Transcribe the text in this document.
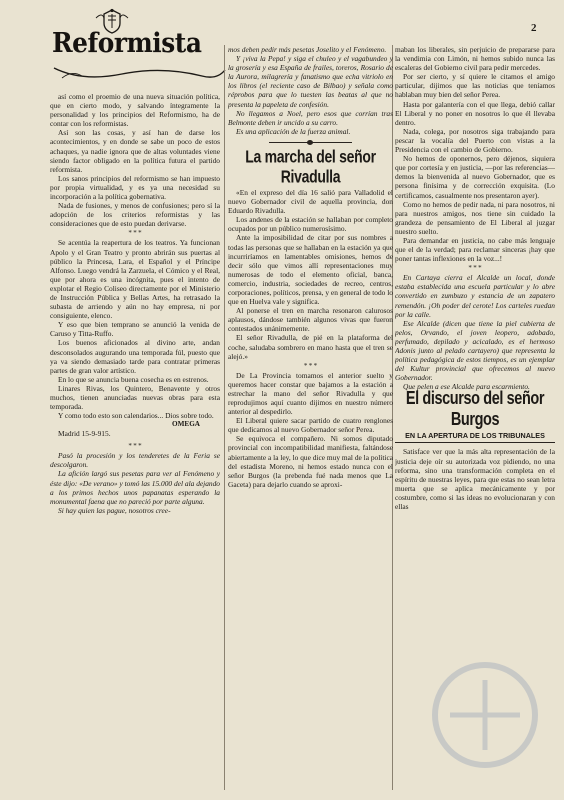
Reformista	2

así como el proemio de una nueva situación política, que en cierto modo, y salvando íntegramente la personalidad y los principios del Reformismo, ha de contar con los reformistas.

Así son las cosas, y así han de darse los acontecimientos, y en donde se sabe un poco de estos achaques, ya nadie ignora que de altas voluntades viene siendo factor obligado en la política futura el partido reformista.

Los sanos principios del reformismo se han impuesto por propia virtualidad, y es ya una necesidad su incorporación a la política gobernativa.

Nada de fusiones, y menos de confusiones; pero sí la adopción de los criterios reformistas y las consideraciones que de esto puedan derivarse.

* * *

Se acentúa la reapertura de los teatros. Ya funcionan Apolo y el Gran Teatro y pronto abrirán sus puertas al público la Princesa, Lara, el Español y el Príncipe Alfonso. Luego vendrá la Zarzuela, el Cómico y el Real, que por ahora es una incógnita, pues el intento de explotar el Regio Coliseo directamente por el Ministerio de Instrucción Pública y Bellas Artes, ha retrasado la subasta de arriendo y aún no hay empresa, ni por consiguiente, elenco.

Y eso que bien temprano se anunció la venida de Caruso y Titta-Ruffo.

Los buenos aficionados al divino arte, andan desconsolados augurando una temporada fúl, puesto que ya va siendo demasiado tarde para contratar primeras partes de gran valor artístico.

En lo que se anuncia buena cosecha es en estrenos.

Linares Rivas, los Quintero, Benavente y otros muchos, tienen anunciadas nuevas obras para esta temporada.

Y como todo esto son calendarios... Dios sobre todo.

OMEGA
Madrid 15-9-915.
* * *

Pasó la procesión y los tenderetes de la Feria se descolgaron.

La afición largó sus pesetas para ver al Fenómeno y éste dijo: «De verano» y tomó las 15.000 del ala dejando a los primos hechos unos papanatas esperando la monumental faena que no pareció por parte alguna.

Si hay quien las pague, nosotros cree-

mos deben pedir más pesetas Joselito y el Fenómeno.

Y ¡viva la Pepa! y siga el chuleo y el vagabundeo y la grosería y esa España de frailes, toreros, Rosario de la Aurora, milagrería y fanatismo que echa vitriolo en los libros (el reciente caso de Bilbao) y señala como réprobos para que lo tuesten las beatas al que no presenta la papeleta de confesión.

No llegamos a Noel, pero esos que corrían tras Belmonte deben ir uncido a su carro.

Es una aplicación de la fuerza animal.

La marcha del señor Rivadulla

«En el expreso del día 16 salió para Valladolid el nuevo Gobernador civil de aquella provincia, don Eduardo Rivadulla.

Los andenes de la estación se hallaban por completo ocupados por un público numerosísimo.

Ante la imposibilidad de citar por sus nombres a todas las personas que se hallaban en la estación ya que incurriríamos en lamentables omisiones, hemos de decir sólo que vimos allí representaciones muy numerosas de todo el elemento oficial, banca, comercio, industria, sociedades de recreo, centros, corporaciones, políticos, prensa, y en general de todo lo que en Huelva vale y significa.

Al ponerse el tren en marcha resonaron calurosos aplausos, dándose también algunos vivas que fueron contestados unánimemente.

El señor Rivadulla, de pié en la plataforma del coche, saludaba sombrero en mano hasta que el tren se alejó.»

* * *

De La Provincia tomamos el anterior suelto y queremos hacer constar que bajamos a la estación a estrechar la mano del señor Rivadulla y que reprodujimos aquí cuanto dijimos en nuestro número anterior al despedirlo.

El Liberal quiere sacar partido de cuatro renglones que dedicamos al nuevo Gobernador señor Perea.

Se equivoca el compañero. Ni somos diputado provincial con incompatibilidad manifiesta, faltándose abiertamente a la ley, lo que dice muy mal de la política del estadista Moreno, ni hemos estado nunca con el señor Burgos (la prebenda fué nada menos que La Gaceta) para dejarlo cuando se aproxi-

maban los liberales, sin perjuicio de prepararse para la vendimia con Limón, ni hemos subido nunca las escaleras del Gobierno civil para pedir mercedes.

Por ser cierto, y sí quiere le citamos el amigo particular, dijimos que las noticias que teníamos hablaban muy bien del señor Perea.

Hasta por galantería con el que llega, debió callar El Liberal y no poner en nosotros lo que él llevaba dentro.

Nada, colega, por nosotros siga trabajando para pescar la vocalía del Puerto con vistas a la Presidencia con el cambio de Gobierno.

No hemos de oponernos, pero déjenos, siquiera que por cortesía y en justicia, —por las referencias—demos la bienvenida al nuevo Gobernador, que es persona finísima y de corrección exquisita. (Lo certificamos, casualmente nos presentaron ayer).

Como no hemos de pedir nada, ni para nosotros, ni para nuestros amigos, nos tiene sin cuidado la grandeza de pensamiento de El Liberal al juzgar nuestro suelto.

Para demandar en justicia, no cabe más lenguaje que el de la verdad; para reclamar sinceras ¡hay que poner tantas inflexiones en la voz...!

* * *

En Cartaya cierra el Alcalde un local, donde estaba establecida una escuela particular y lo abre convertido en zumbuzo y estancia de un zapatero remendón. ¡Oh poder del cerote! Los carteles ruedan por la calle.

Ese Alcalde (dicen que tiene la piel cubierta de pelos, Orvando, el joven leopero, adobado, perfumado, depilado y acicalado, es el hermoso Adonis junto al pelado cartayero) que representa la política pedagógica de estos tiempos, es un ejemplar del Kultur provincial que ofrecemos al nuevo Gobernador.

Que pelen a ese Alcalde para escarmiento.

El discurso del señor Burgos
EN LA APERTURA DE LOS TRIBUNALES

Satisface ver que la más alta representación de la justicia deje oír su autorizada voz pidiendo, no una reforma, sino una transformación completa en el espíritu de nuestras leyes, para que estas no sean letra muerta que se aplica mecánicamente y por costumbre, como si las ideas no evolucionaran y con ellas
